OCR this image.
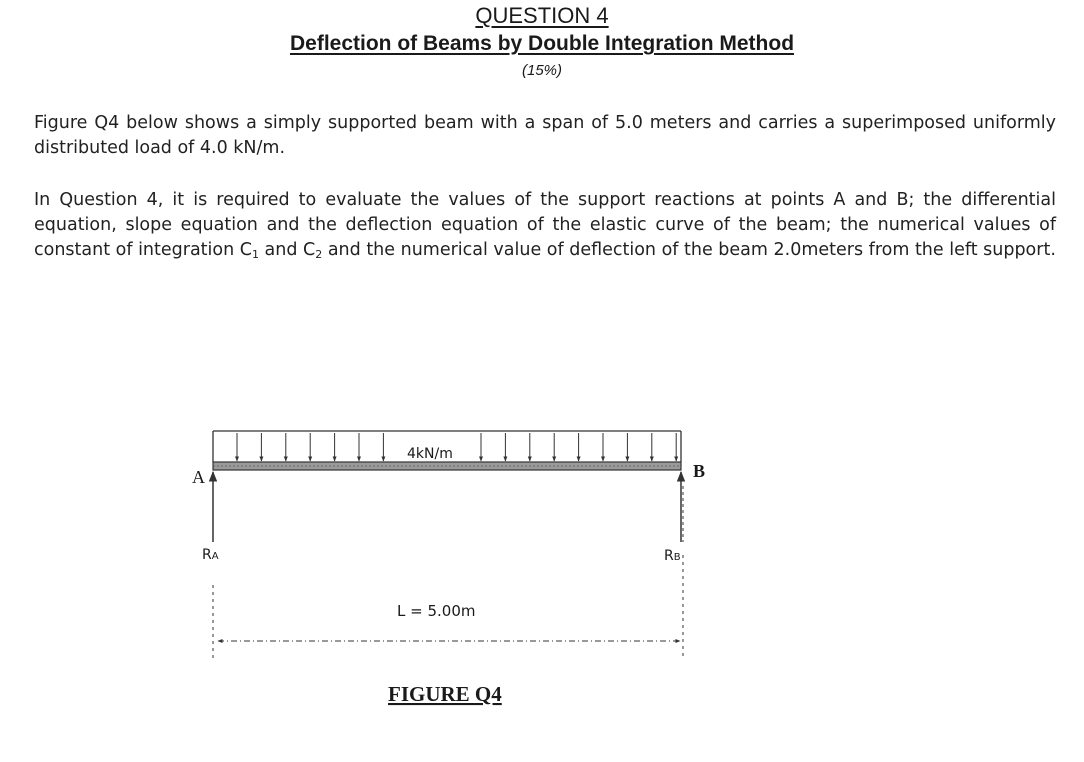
QUESTION 4
Deflection of Beams by Double Integration Method
(15%)

Figure Q4 below shows a simply supported beam with a span of 5.0 meters and carries a superimposed uniformly distributed load of 4.0 kN/m.

In Question 4, it is required to evaluate the values of the support reactions at points A and B; the differential equation, slope equation and the deflection equation of the elastic curve of the beam; the numerical values of constant of integration $C_1$ and $C_2$ and the numerical value of deflection of the beam 2.0meters from the left support.

4kN/m
A	B
RA	RB
L = 5.00m
FIGURE Q4
